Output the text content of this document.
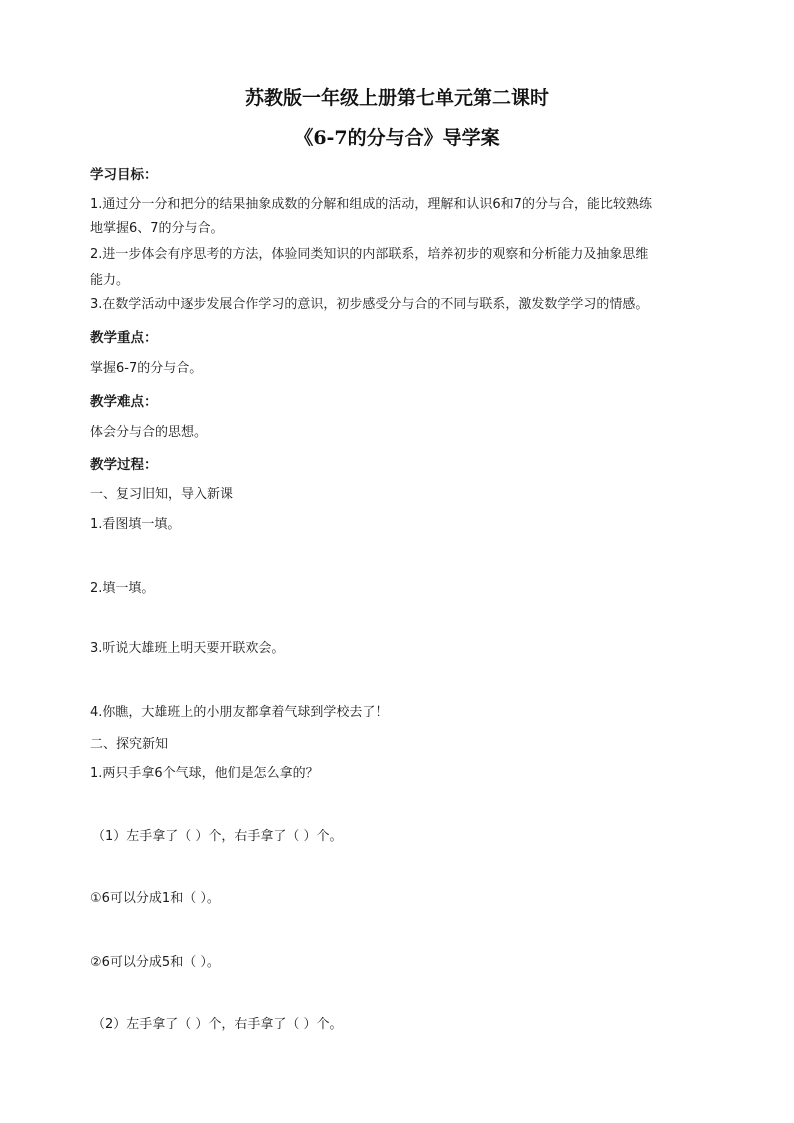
苏教版一年级上册第七单元第二课时
《6-7的分与合》导学案
学习目标：
1.通过分一分和把分的结果抽象成数的分解和组成的活动，理解和认识6和7的分与合，能比较熟练
地掌握6、7的分与合。
2.进一步体会有序思考的方法，体验同类知识的内部联系，培养初步的观察和分析能力及抽象思维
能力。
3.在数学活动中逐步发展合作学习的意识，初步感受分与合的不同与联系，激发数学学习的情感。
教学重点：
掌握6-7的分与合。
教学难点：
体会分与合的思想。
教学过程：
一、复习旧知，导入新课
1.看图填一填。
2.填一填。
3.听说大雄班上明天要开联欢会。
4.你瞧，大雄班上的小朋友都拿着气球到学校去了！
二、探究新知
1.两只手拿6个气球，他们是怎么拿的？
（1）左手拿了（ ）个，右手拿了（ ）个。
①6可以分成1和（ ）。
②6可以分成5和（ ）。
（2）左手拿了（ ）个，右手拿了（ ）个。
